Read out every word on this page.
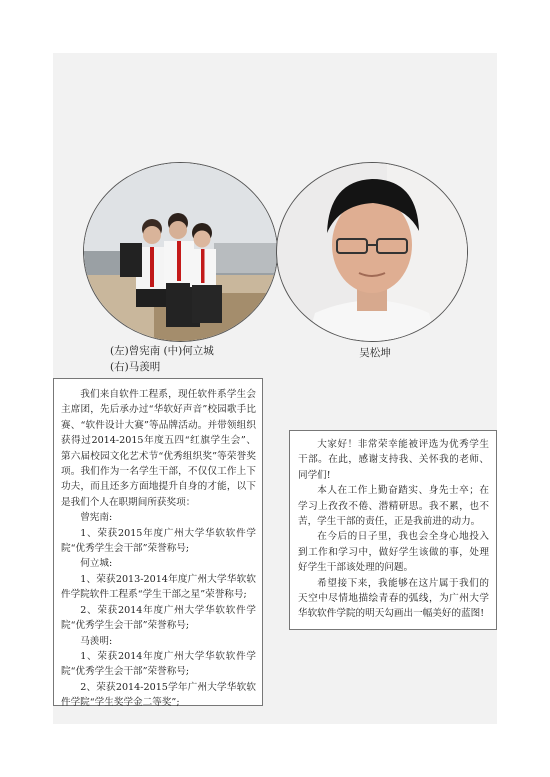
(左)曾宪南 (中)何立城
(右)马羡明
吴松坤

我们来自软件工程系，现任软件系学生会主席团，先后承办过“华软好声音”校园歌手比赛、“软件设计大赛”等品牌活动。并带领组织获得过2014-2015年度五四“红旗学生会”、第六届校园文化艺术节“优秀组织奖”等荣誉奖项。我们作为一名学生干部，不仅仅工作上下功夫，而且还多方面地提升自身的才能，以下是我们个人在职期间所获奖项：

曾宪南:

1、荣获2015年度广州大学华软软件学院“优秀学生会干部”荣誉称号;

何立城:

1、荣获2013-2014年度广州大学华软软件学院软件工程系“学生干部之星”荣誉称号;

2、荣获2014年度广州大学华软软件学院“优秀学生会干部”荣誉称号;

马羡明:

1、荣获2014年度广州大学华软软件学院“优秀学生会干部”荣誉称号;

2、荣获2014-2015学年广州大学华软软件学院“学生奖学金二等奖”;

大家好！非常荣幸能被评选为优秀学生干部。在此，感谢支持我、关怀我的老师、同学们!

本人在工作上勤奋踏实、身先士卒；在学习上孜孜不倦、潜精研思。我不累，也不苦，学生干部的责任，正是我前进的动力。

在今后的日子里，我也会全身心地投入到工作和学习中，做好学生该做的事，处理好学生干部该处理的问题。

希望接下来，我能够在这片属于我们的天空中尽情地描绘青春的弧线，为广州大学华软软件学院的明天勾画出一幅美好的蓝图!
